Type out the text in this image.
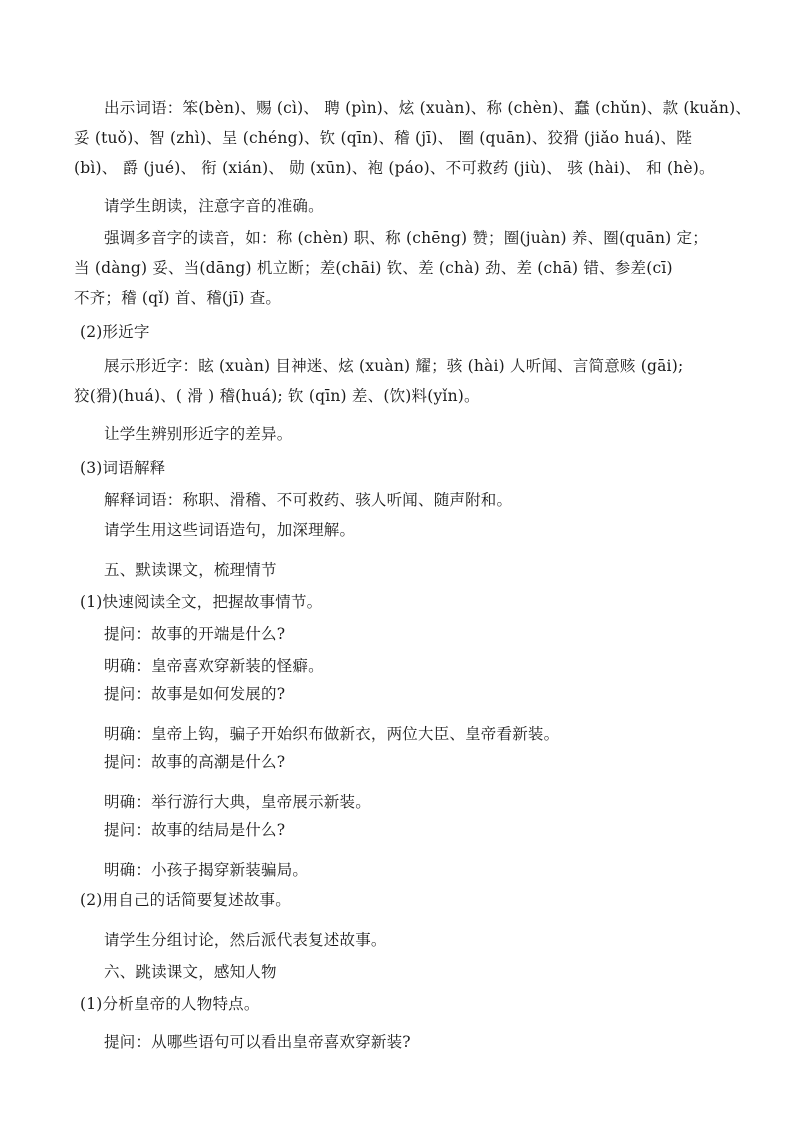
出示词语：笨(bèn)、赐 (cì)、 聘 (pìn)、炫 (xuàn)、称 (chèn)、蠢 (chǔn)、款 (kuǎn)、
妥 (tuǒ)、智 (zhì)、呈 (chéng)、钦 (qīn)、稽 (jī)、 圈 (quān)、狡猾 (jiǎo huá)、陛
(bì)、 爵 (jué)、 衔 (xián)、 勋 (xūn)、袍 (páo)、不可救药 (jiù)、 骇 (hài)、 和 (hè)。
请学生朗读，注意字音的准确。
强调多音字的读音，如：称 (chèn) 职、称 (chēng) 赞；圈(juàn) 养、圈(quān) 定；
当 (dàng) 妥、当(dāng) 机立断；差(chāi) 钦、差 (chà) 劲、差 (chā) 错、参差(cī)
不齐；稽 (qǐ) 首、稽(jī) 查。
(2)形近字
展示形近字：眩 (xuàn) 目神迷、炫 (xuàn) 耀；骇 (hài) 人听闻、言简意赅 (gāi);
狡(猾)(huá)、( 滑 ) 稽(huá); 钦 (qīn) 差、(饮)料(yǐn)。
让学生辨别形近字的差异。
(3)词语解释
解释词语：称职、滑稽、不可救药、骇人听闻、随声附和。
请学生用这些词语造句，加深理解。
五、默读课文，梳理情节
(1)快速阅读全文，把握故事情节。
提问：故事的开端是什么?
明确：皇帝喜欢穿新装的怪癖。
提问：故事是如何发展的?
明确：皇帝上钩，骗子开始织布做新衣，两位大臣、皇帝看新装。
提问：故事的高潮是什么?
明确：举行游行大典，皇帝展示新装。
提问：故事的结局是什么?
明确：小孩子揭穿新装骗局。
(2)用自己的话简要复述故事。
请学生分组讨论，然后派代表复述故事。
六、跳读课文，感知人物
(1)分析皇帝的人物特点。
提问：从哪些语句可以看出皇帝喜欢穿新装?
